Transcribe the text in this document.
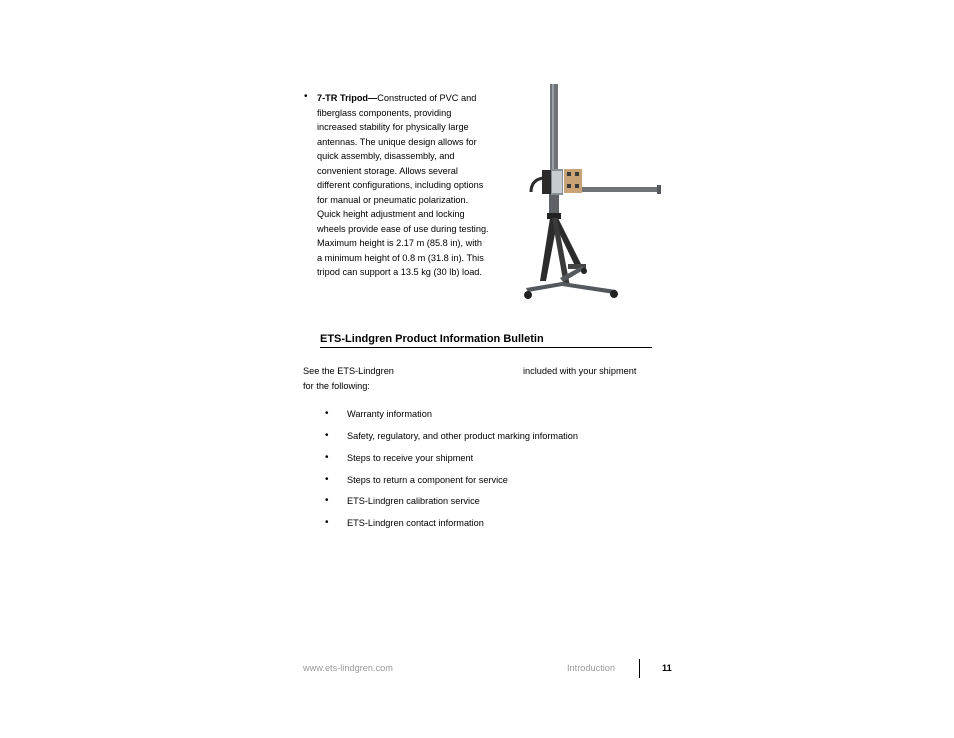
• 7-TR Tripod—Constructed of PVC and
fiberglass components, providing
increased stability for physically large
antennas. The unique design allows for
quick assembly, disassembly, and
convenient storage. Allows several
different configurations, including options
for manual or pneumatic polarization.
Quick height adjustment and locking
wheels provide ease of use during testing.
Maximum height is 2.17 m (85.8 in), with
a minimum height of 0.8 m (31.8 in). This
tripod can support a 13.5 kg (30 lb) load.
ETS-Lindgren Product Information Bulletin
See the ETS-Lindgren	included with your shipment
for the following:
• Warranty information
• Safety, regulatory, and other product marking information
• Steps to receive your shipment
• Steps to return a component for service
• ETS-Lindgren calibration service
• ETS-Lindgren contact information
www.ets-lindgren.com	Introduction	11
